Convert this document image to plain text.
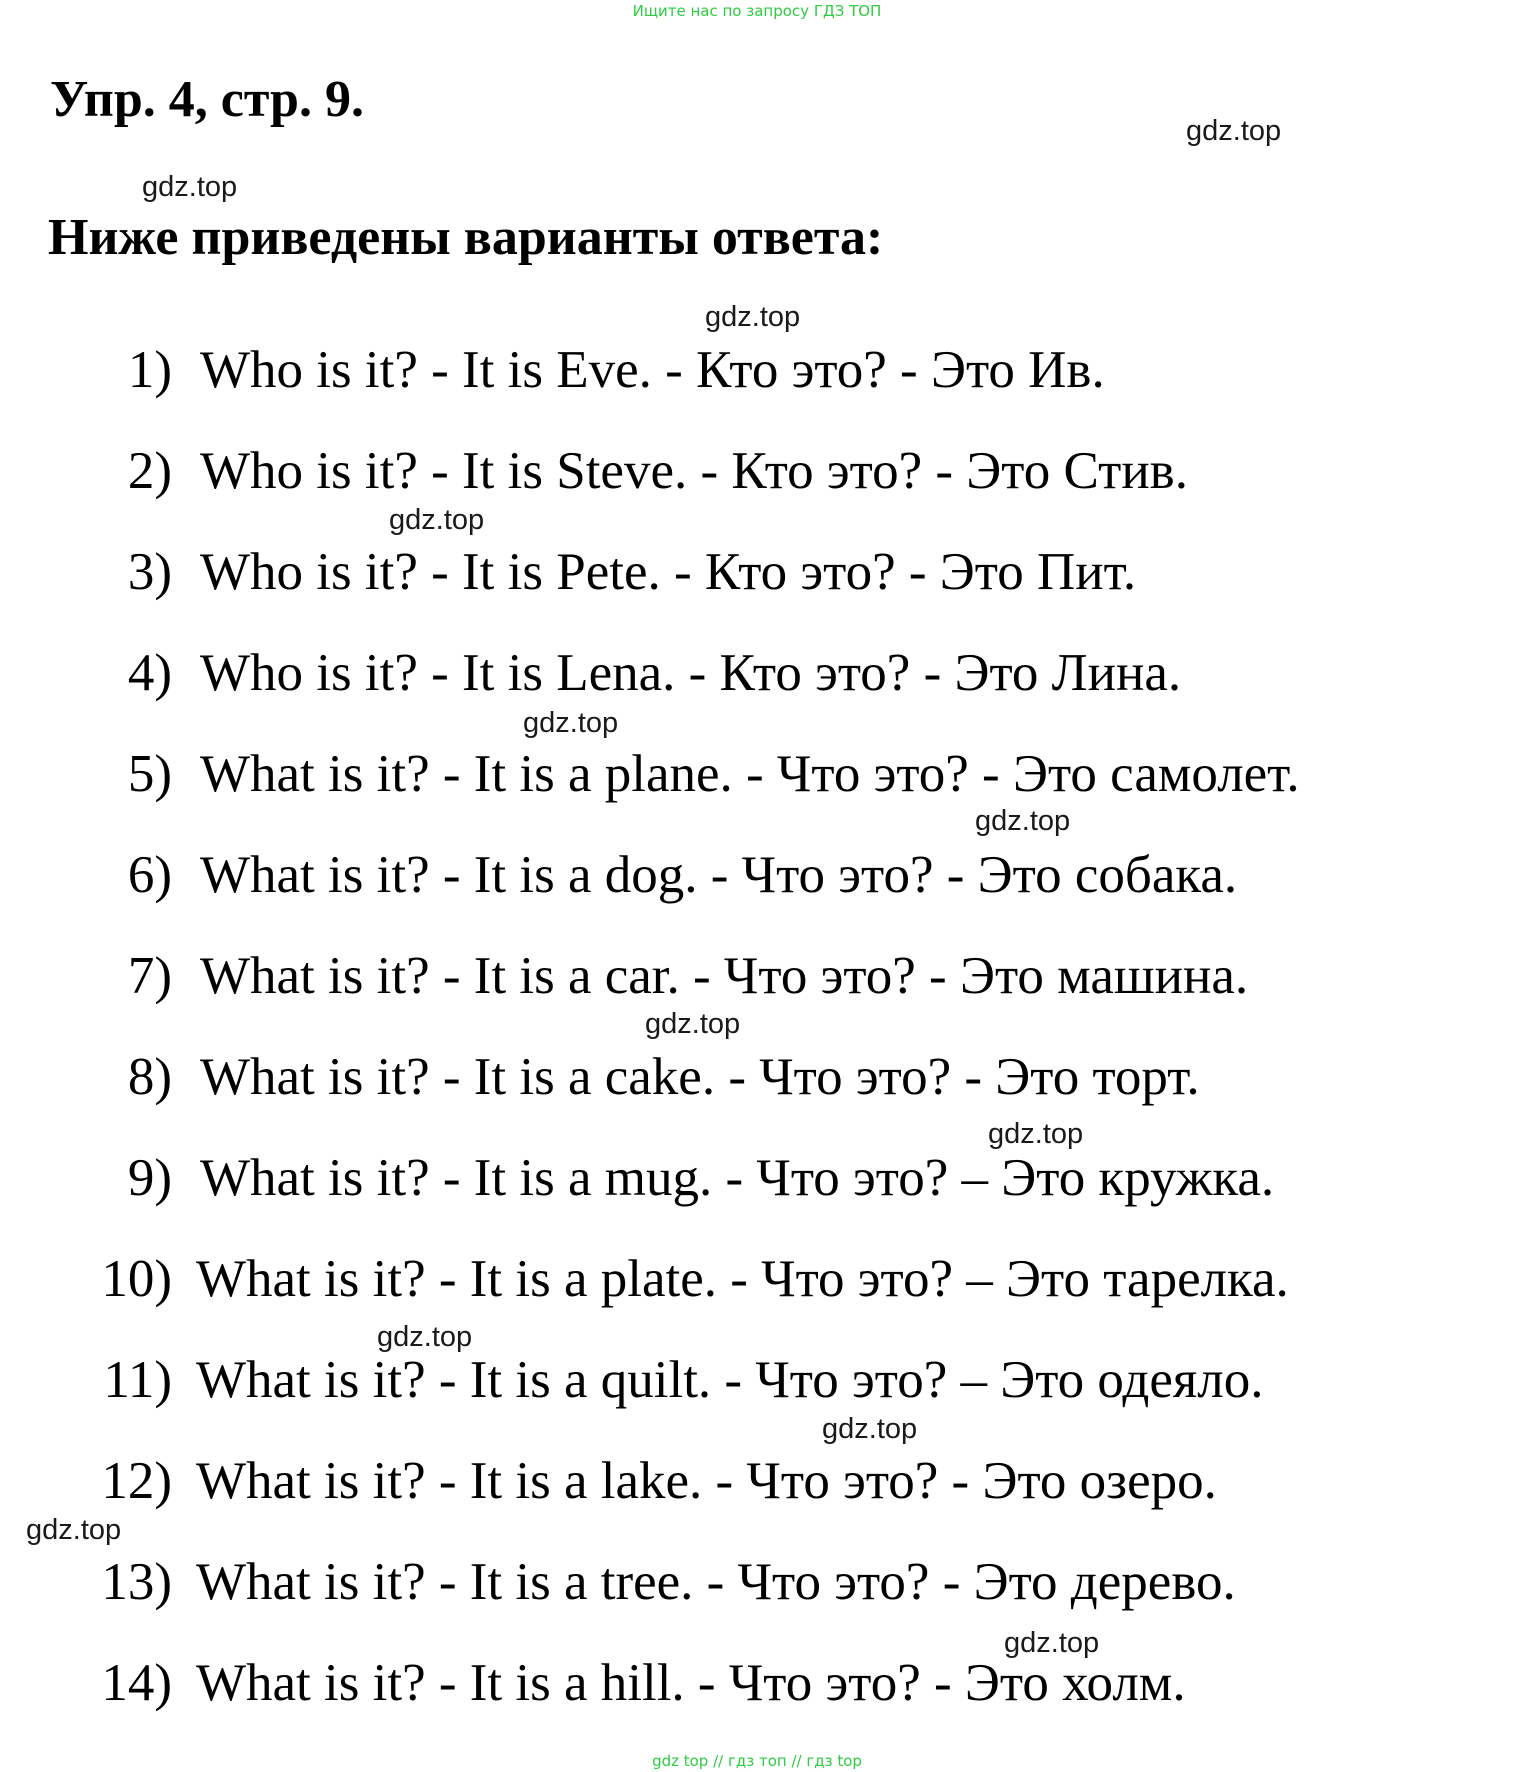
Ищите нас по запросу ГДЗ ТОП
Упр. 4, стр. 9.
Ниже приведены варианты ответа:
gdz.top
gdz.top
gdz.top
gdz.top
gdz.top
gdz.top
gdz.top
gdz.top
gdz.top
gdz.top
gdz.top
gdz.top
1) Who is it? - It is Eve. - Кто это? - Это Ив.
2) Who is it? - It is Steve. - Кто это? - Это Стив.
3) Who is it? - It is Pete. - Кто это? - Это Пит.
4) Who is it? - It is Lena. - Кто это? - Это Лина.
5) What is it? - It is a plane. - Что это? - Это самолет.
6) What is it? - It is a dog. - Что это? - Это собака.
7) What is it? - It is a car. - Что это? - Это машина.
8) What is it? - It is a cake. - Что это? - Это торт.
9) What is it? - It is a mug. - Что это? – Это кружка.
10) What is it? - It is a plate. - Что это? – Это тарелка.
11) What is it? - It is a quilt. - Что это? – Это одеяло.
12) What is it? - It is a lake. - Что это? - Это озеро.
13) What is it? - It is a tree. - Что это? - Это дерево.
14) What is it? - It is a hill. - Что это? - Это холм.
gdz top // гдз топ // гдз top
